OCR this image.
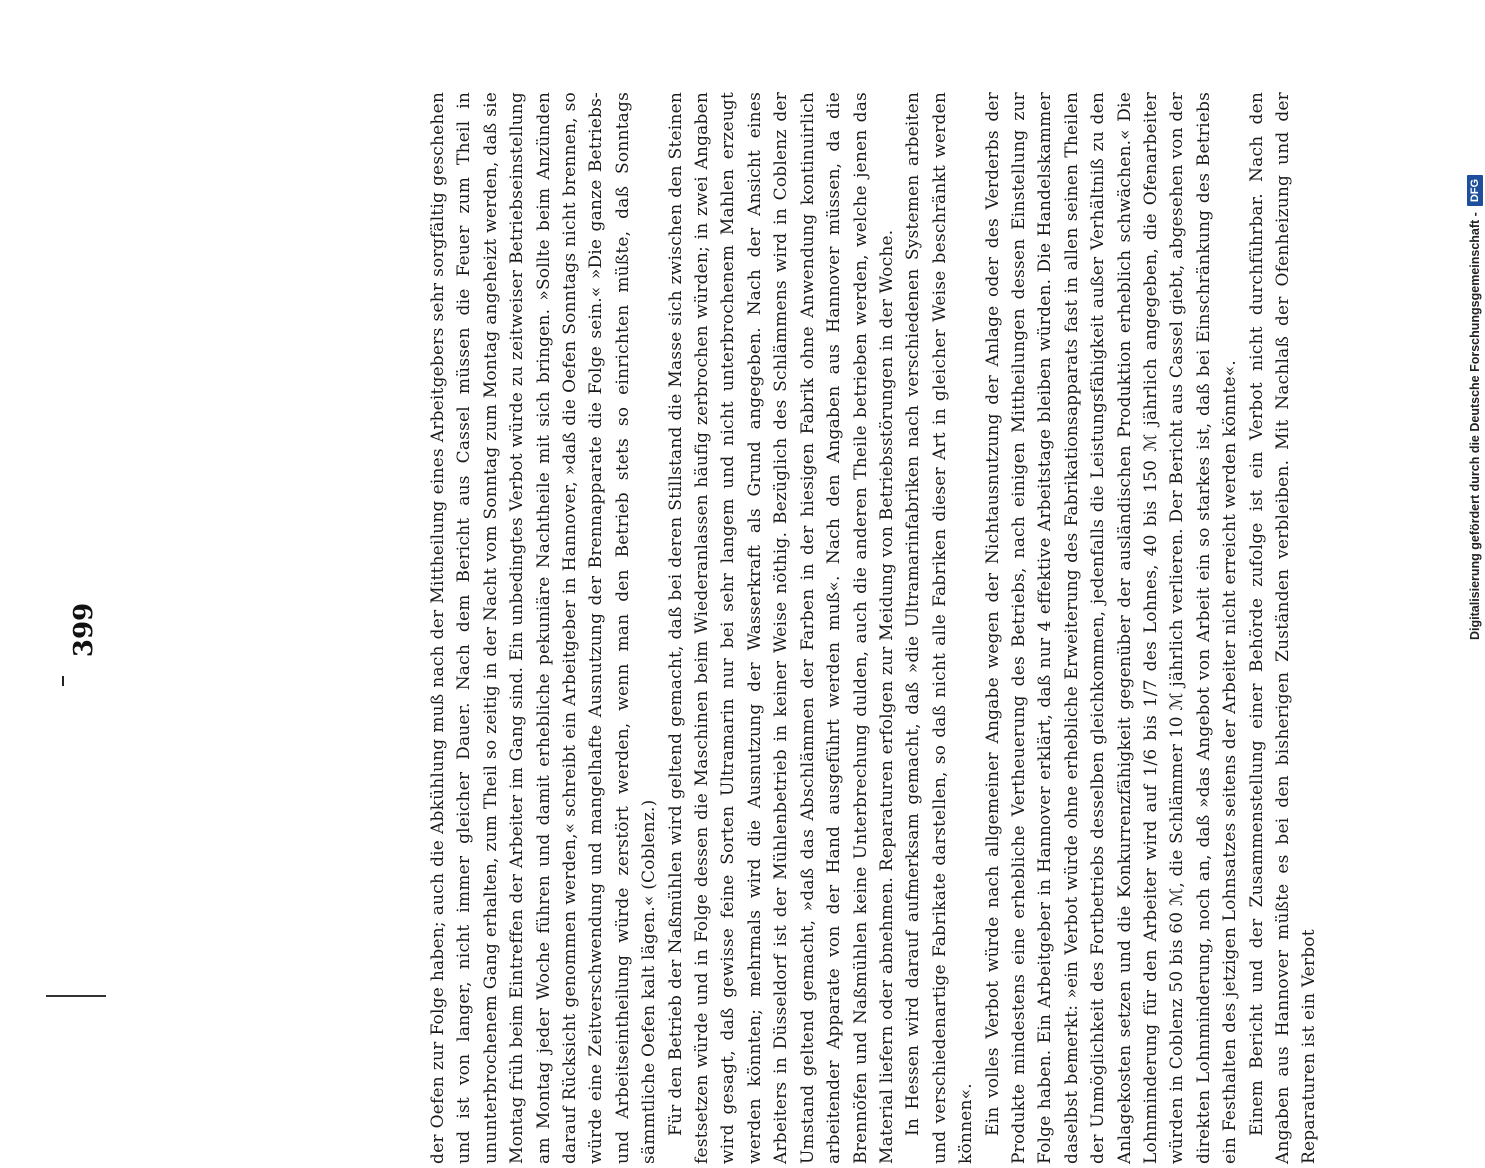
399	der Oefen zur Folge haben; auch die Abkühlung muß nach der Mittheilung eines Arbeitgebers sehr sorgfältig geschehen und ist von langer, nicht immer gleicher Dauer. Nach dem Bericht aus Cassel müssen die Feuer zum Theil in ununterbrochenem Gang erhalten, zum Theil so zeitig in der Nacht vom Sonntag zum Montag angeheizt werden, daß sie Montag früh beim Eintreffen der Arbeiter im Gang sind. Ein unbedingtes Verbot würde zu zeitweiser Betriebseinstellung am Montag jeder Woche führen und damit erhebliche pekuniäre Nachtheile mit sich bringen. »Sollte beim Anzünden darauf Rücksicht genommen werden,« schreibt ein Arbeitgeber in Hannover, »daß die Oefen Sonntags nicht brennen, so würde eine Zeitverschwendung und mangelhafte Ausnutzung der Brennapparate die Folge sein.« »Die ganze Betriebs- und Arbeitseintheilung würde zerstört werden, wenn man den Betrieb stets so einrichten müßte, daß Sonntags sämmtliche Oefen kalt lägen.« (Coblenz.) Für den Betrieb der Naßmühlen wird geltend gemacht, daß bei deren Stillstand die Masse sich zwischen den Steinen festsetzen würde und in Folge dessen die Maschinen beim Wiederanlassen häufig zerbrochen würden; in zwei Angaben wird gesagt, daß gewisse feine Sorten Ultramarin nur bei sehr langem und nicht unterbrochenem Mahlen erzeugt werden könnten; mehrmals wird die Ausnutzung der Wasserkraft als Grund angegeben. Nach der Ansicht eines Arbeiters in Düsseldorf ist der Mühlenbetrieb in keiner Weise nöthig. Bezüglich des Schlämmens wird in Coblenz der Umstand geltend gemacht, »daß das Abschlämmen der Farben in der hiesigen Fabrik ohne Anwendung kontinuirlich arbeitender Apparate von der Hand ausgeführt werden muß«. Nach den Angaben aus Hannover müssen, da die Brennöfen und Naßmühlen keine Unterbrechung dulden, auch die anderen Theile betrieben werden, welche jenen das Material liefern oder abnehmen. Reparaturen erfolgen zur Meidung von Betriebsstörungen in der Woche. In Hessen wird darauf aufmerksam gemacht, daß »die Ultramarinfabriken nach verschiedenen Systemen arbeiten und verschiedenartige Fabrikate darstellen, so daß nicht alle Fabriken dieser Art in gleicher Weise beschränkt werden können«. Ein volles Verbot würde nach allgemeiner Angabe wegen der Nichtausnutzung der Anlage oder des Verderbs der Produkte mindestens eine erhebliche Vertheuerung des Betriebs, nach einigen Mittheilungen dessen Einstellung zur Folge haben. Ein Arbeitgeber in Hannover erklärt, daß nur 4 effektive Arbeitstage bleiben würden. Die Handelskammer daselbst bemerkt: »ein Verbot würde ohne erhebliche Erweiterung des Fabrikationsapparats fast in allen seinen Theilen der Unmöglichkeit des Fortbetriebs desselben gleichkommen, jedenfalls die Leistungsfähigkeit außer Verhältniß zu den Anlagekosten setzen und die Konkurrenzfähigkeit gegenüber der ausländischen Produktion erheblich schwächen.« Die Lohnminderung für den Arbeiter wird auf 1/6 bis 1/7 des Lohnes, 40 bis 150 ℳ jährlich angegeben, die Ofenarbeiter würden in Coblenz 50 bis 60 ℳ, die Schlämmer 10 ℳ jährlich verlieren. Der Bericht aus Cassel giebt, abgesehen von der direkten Lohnminderung, noch an, daß »das Angebot von Arbeit ein so starkes ist, daß bei Einschränkung des Betriebs ein Festhalten des jetzigen Lohnsatzes seitens der Arbeiter nicht erreicht werden könnte«. Einem Bericht und der Zusammenstellung einer Behörde zufolge ist ein Verbot nicht durchführbar. Nach den Angaben aus Hannover müßte es bei den bisherigen Zuständen verbleiben. Mit Nachlaß der Ofenheizung und der Reparaturen ist ein Verbot

Digitalisierung gefördert durch die Deutsche Forschungsgemeinschaft -
DFG
